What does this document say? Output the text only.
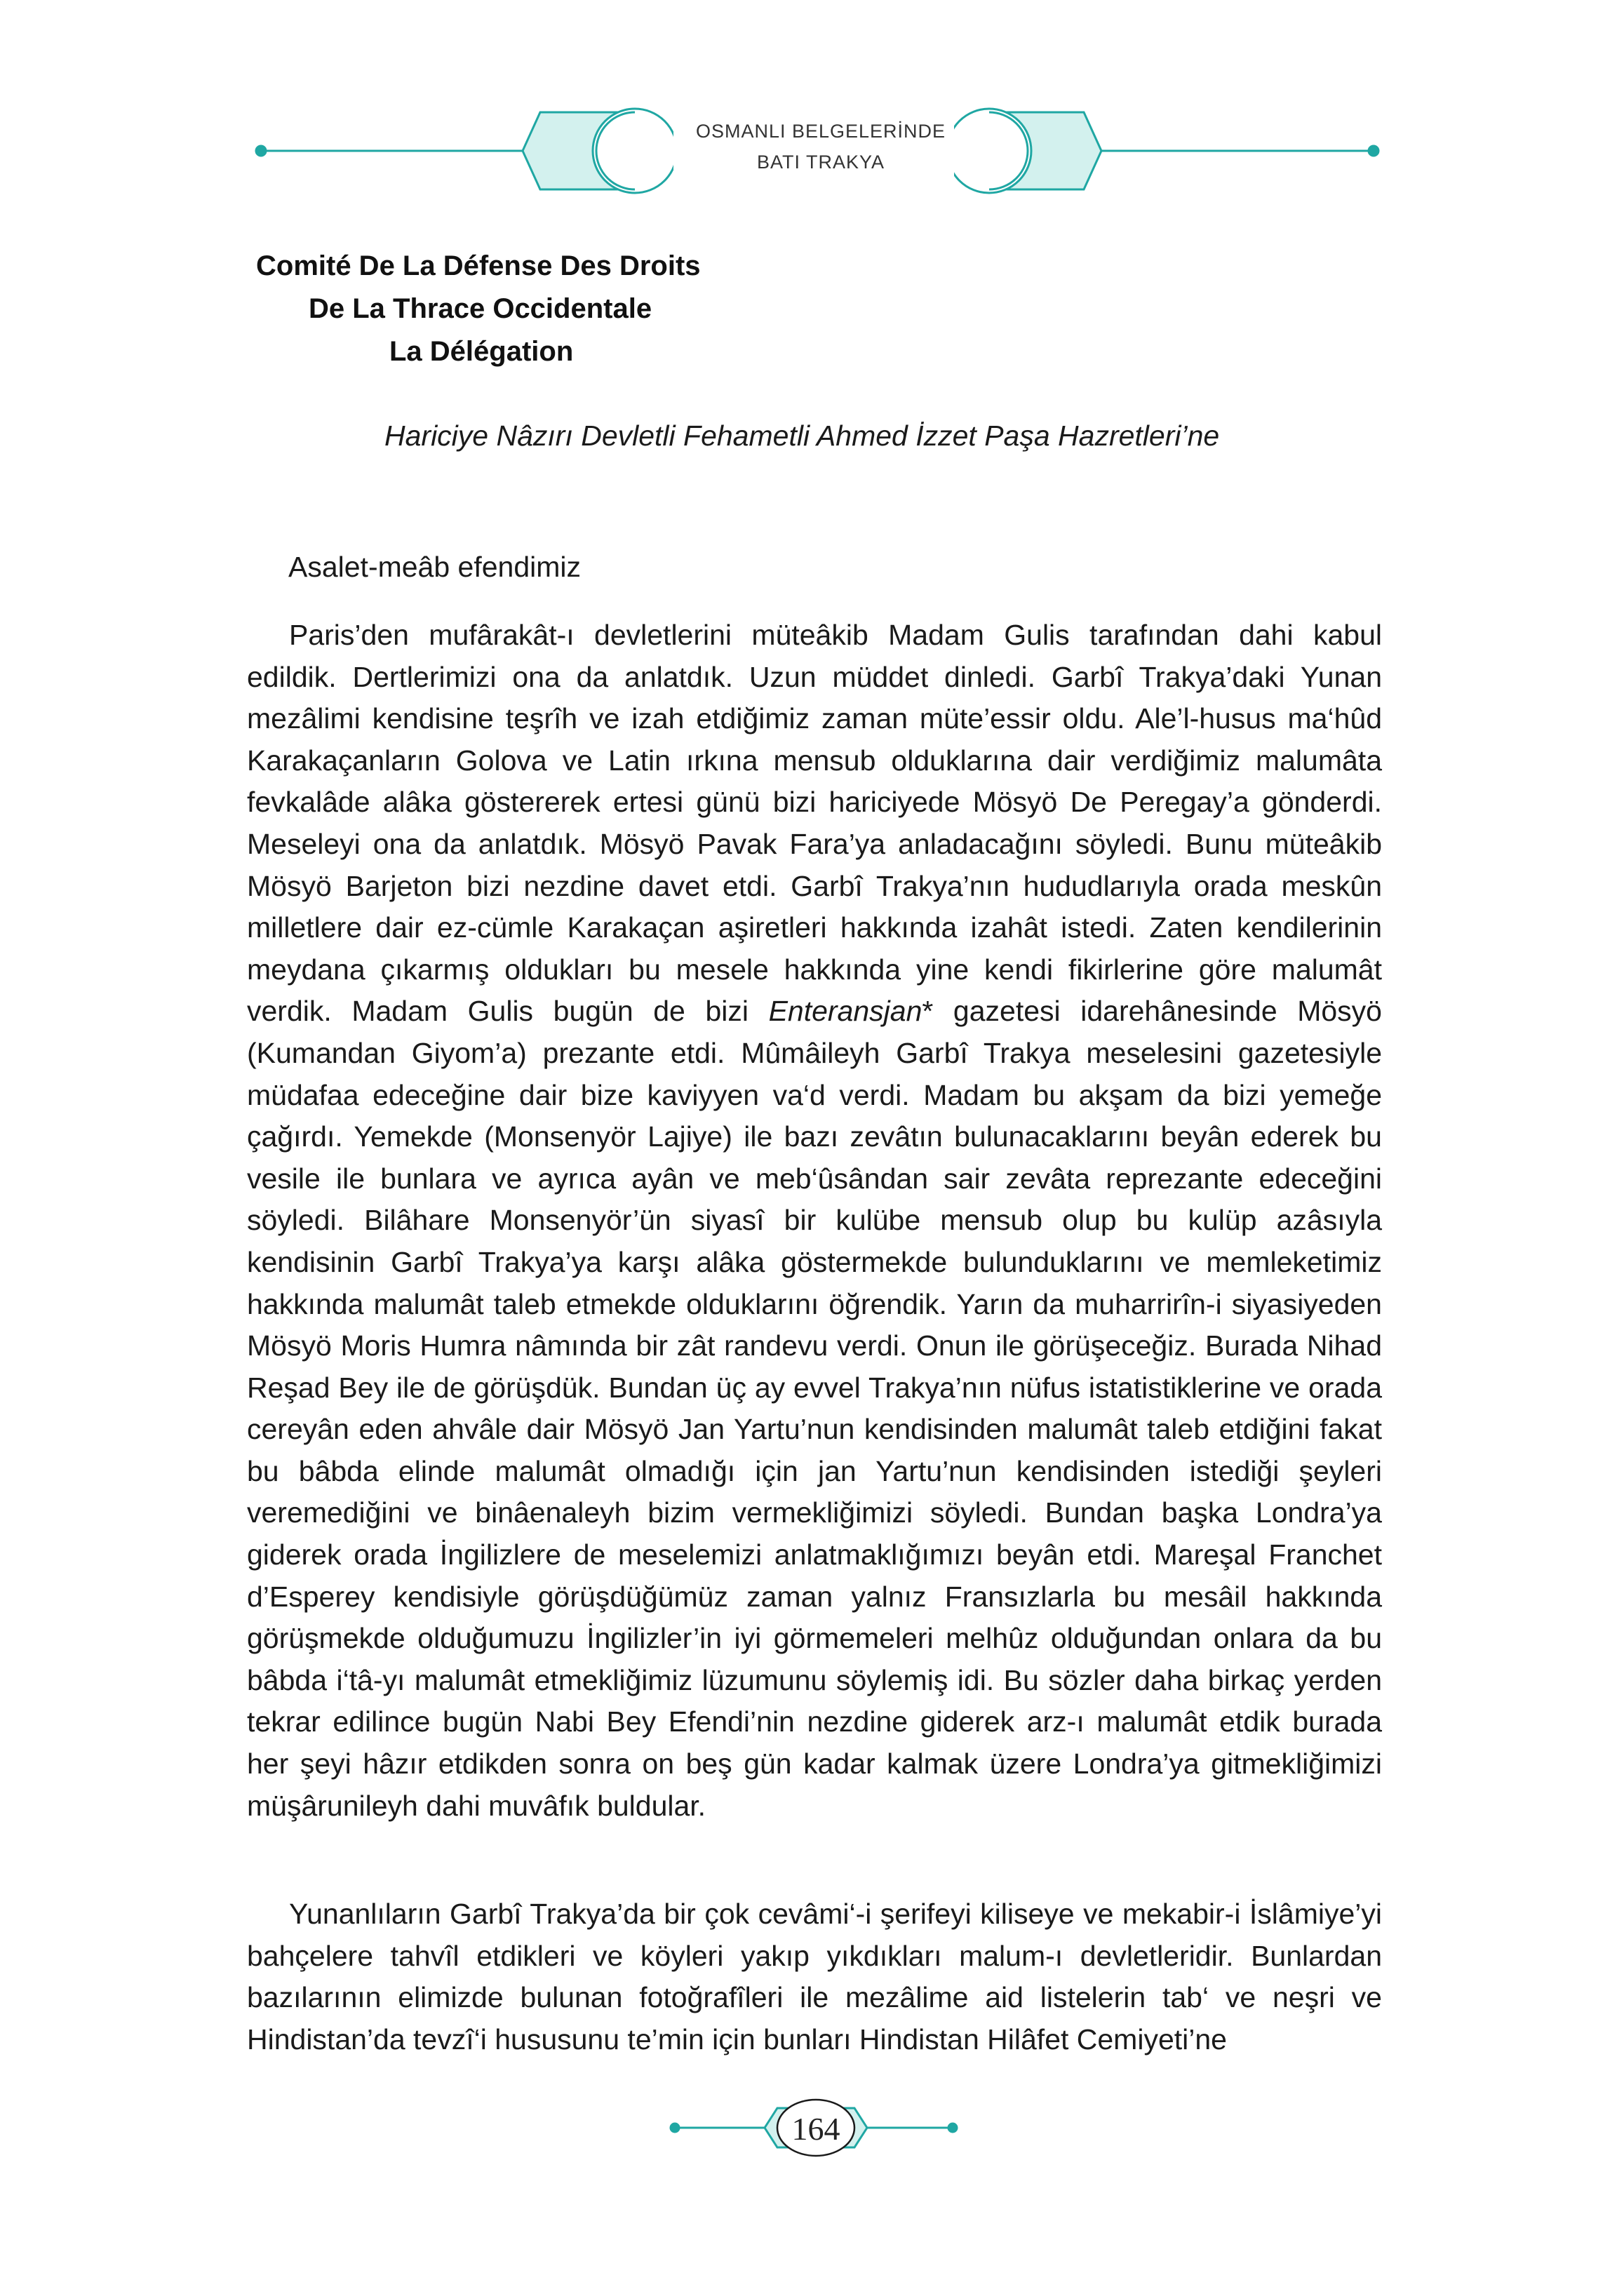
OSMANLI BELGELERİNDE
BATI TRAKYA
Comité De La Défense Des Droits
De La Thrace Occidentale
La Délégation
Hariciye Nâzırı Devletli Fehametli Ahmed İzzet Paşa Hazretleri’ne
Asalet-meâb efendimiz

Paris’den mufârakât-ı devletlerini müteâkib Madam Gulis tarafından dahi kabul edildik. Dertlerimizi ona da anlatdık. Uzun müddet dinledi. Garbî Trakya’daki Yunan mezâlimi kendisine teşrîh ve izah etdiğimiz zaman müte’essir oldu. Ale’l-husus ma‘hûd Karakaçanların Golova ve Latin ırkına mensub olduklarına dair verdiğimiz malumâta fevkalâde alâka göstererek ertesi günü bizi hariciyede Mösyö De Peregay’a gönderdi. Meseleyi ona da anlatdık. Mösyö Pavak Fara’ya anladacağını söyledi. Bunu müteâkib Mösyö Barjeton bizi nezdine davet etdi. Garbî Trakya’nın hududlarıyla orada meskûn milletlere dair ez-cümle Karakaçan aşiretleri hakkında izahât istedi. Zaten kendilerinin meydana çıkarmış oldukları bu mesele hakkında yine kendi fikirlerine göre malumât verdik. Madam Gulis bugün de bizi Enteransjan* gazetesi idarehânesinde Mösyö (Kumandan Giyom’a) prezante etdi. Mûmâileyh Garbî Trakya meselesini gazetesiyle müdafaa edeceğine dair bize kaviyyen va‘d verdi. Madam bu akşam da bizi yemeğe çağırdı. Yemekde (Monsenyör Lajiye) ile bazı zevâtın bulunacaklarını beyân ederek bu vesile ile bunlara ve ayrıca ayân ve meb‘ûsândan sair zevâta reprezante edeceğini söyledi. Bilâhare Monsenyör’ün siyasî bir kulübe mensub olup bu kulüp azâsıyla kendisinin Garbî Trakya’ya karşı alâka göstermekde bulunduklarını ve memleketimiz hakkında malumât taleb etmekde olduklarını öğrendik. Yarın da muharrirîn-i siyasiyeden Mösyö Moris Humra nâmında bir zât randevu verdi. Onun ile görüşeceğiz. Burada Nihad Reşad Bey ile de görüşdük. Bundan üç ay evvel Trakya’nın nüfus istatistiklerine ve orada cereyân eden ahvâle dair Mösyö Jan Yartu’nun kendisinden malumât taleb etdiğini fakat bu bâbda elinde malumât olmadığı için jan Yartu’nun kendisinden istediği şeyleri veremediğini ve binâenaleyh bizim vermekliğimizi söyledi. Bundan başka Londra’ya giderek orada İngilizlere de meselemizi anlatmaklığımızı beyân etdi. Mareşal Franchet d’Esperey kendisiyle görüşdüğümüz zaman yalnız Fransızlarla bu mesâil hakkında görüşmekde olduğumuzu İngilizler’in iyi görmemeleri melhûz olduğundan onlara da bu bâbda i‘tâ-yı malumât etmekliğimiz lüzumunu söylemiş idi. Bu sözler daha birkaç yerden tekrar edilince bugün Nabi Bey Efendi’nin nezdine giderek arz-ı malumât etdik burada her şeyi hâzır etdikden sonra on beş gün kadar kalmak üzere Londra’ya gitmekliğimizi müşârunileyh dahi muvâfık buldular.

Yunanlıların Garbî Trakya’da bir çok cevâmi‘-i şerifeyi kiliseye ve mekabir-i İslâmiye’yi bahçelere tahvîl etdikleri ve köyleri yakıp yıkdıkları malum-ı devletleridir. Bunlardan bazılarının elimizde bulunan fotoğrafîleri ile mezâlime aid listelerin tab‘ ve neşri ve Hindistan’da tevzî‘i hususunu te’min için bunları Hindistan Hilâfet Cemiyeti’ne

164
